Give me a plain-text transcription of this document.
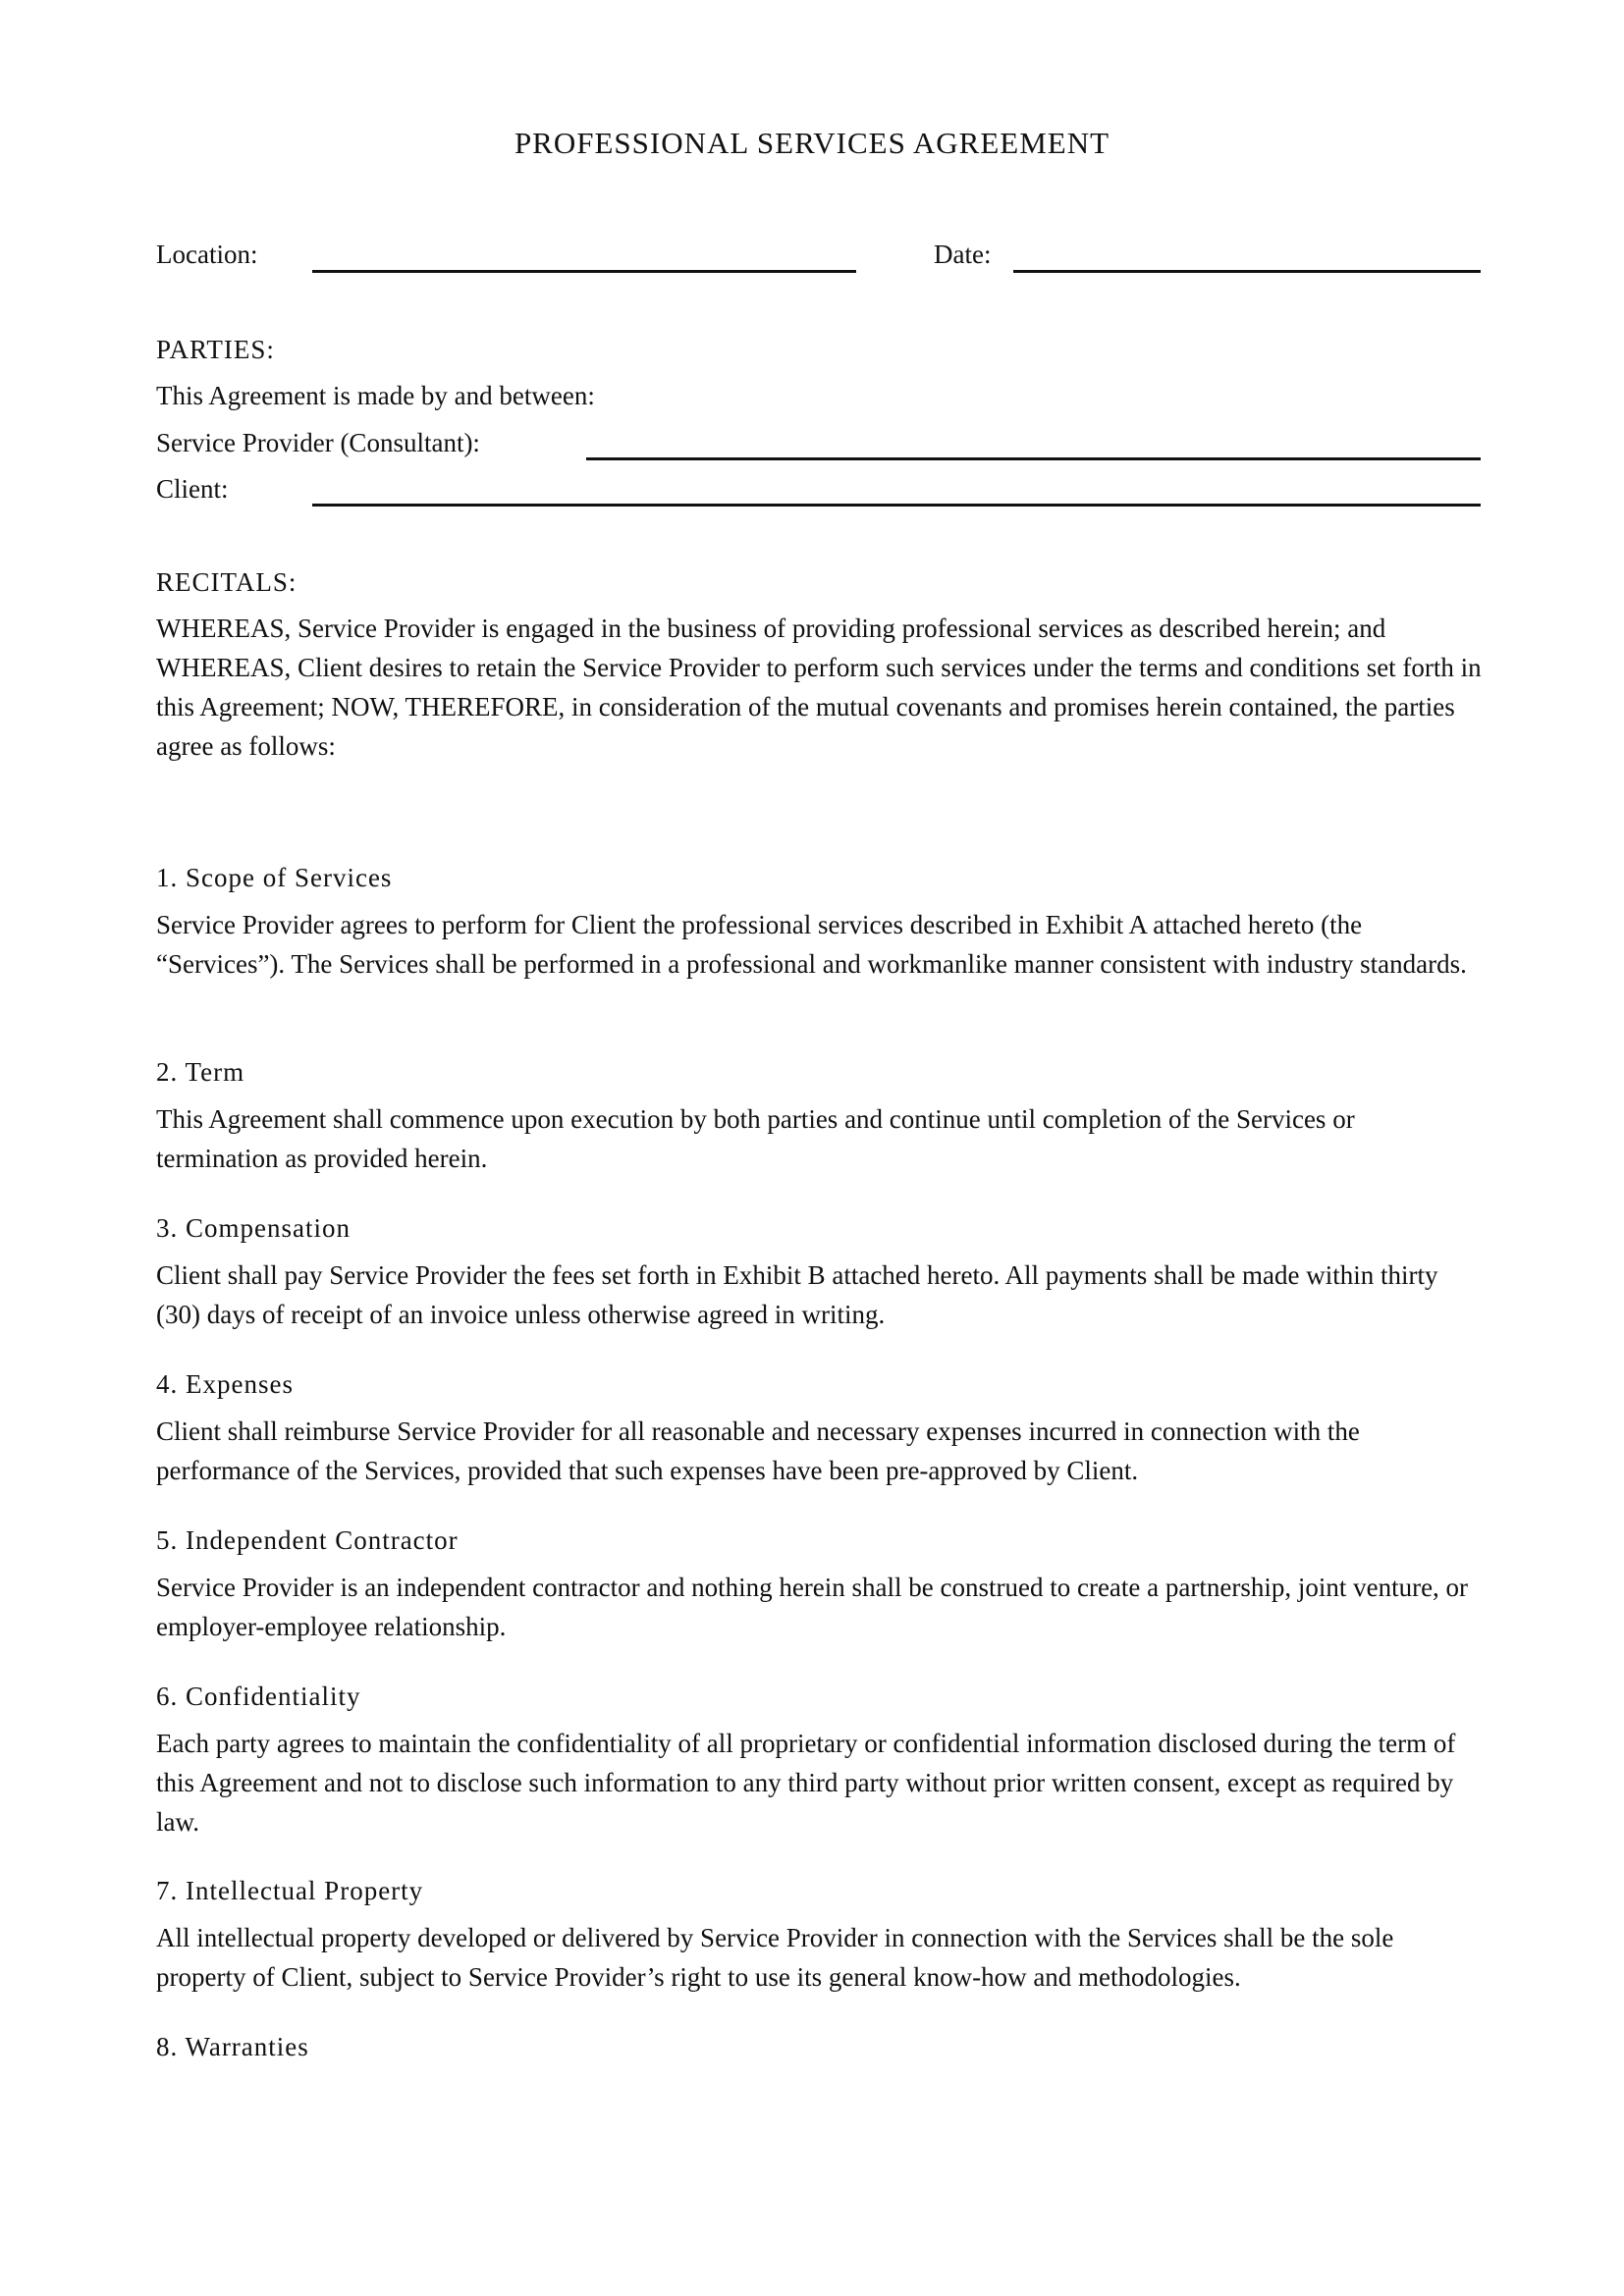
PROFESSIONAL SERVICES AGREEMENT
Location:	Date:
PARTIES:
This Agreement is made by and between:
Service Provider (Consultant):
Client:
RECITALS:
WHEREAS, Service Provider is engaged in the business of providing professional services as described herein; and WHEREAS, Client desires to retain the Service Provider to perform such services under the terms and conditions set forth in this Agreement; NOW, THEREFORE, in consideration of the mutual covenants and promises herein contained, the parties agree as follows:
1. Scope of Services
Service Provider agrees to perform for Client the professional services described in Exhibit A attached hereto (the “Services”). The Services shall be performed in a professional and workmanlike manner consistent with industry standards.
2. Term
This Agreement shall commence upon execution by both parties and continue until completion of the Services or termination as provided herein.
3. Compensation
Client shall pay Service Provider the fees set forth in Exhibit B attached hereto. All payments shall be made within thirty (30) days of receipt of an invoice unless otherwise agreed in writing.
4. Expenses
Client shall reimburse Service Provider for all reasonable and necessary expenses incurred in connection with the performance of the Services, provided that such expenses have been pre-approved by Client.
5. Independent Contractor
Service Provider is an independent contractor and nothing herein shall be construed to create a partnership, joint venture, or employer-employee relationship.
6. Confidentiality
Each party agrees to maintain the confidentiality of all proprietary or confidential information disclosed during the term of this Agreement and not to disclose such information to any third party without prior written consent, except as required by law.
7. Intellectual Property
All intellectual property developed or delivered by Service Provider in connection with the Services shall be the sole property of Client, subject to Service Provider’s right to use its general know-how and methodologies.
8. Warranties
